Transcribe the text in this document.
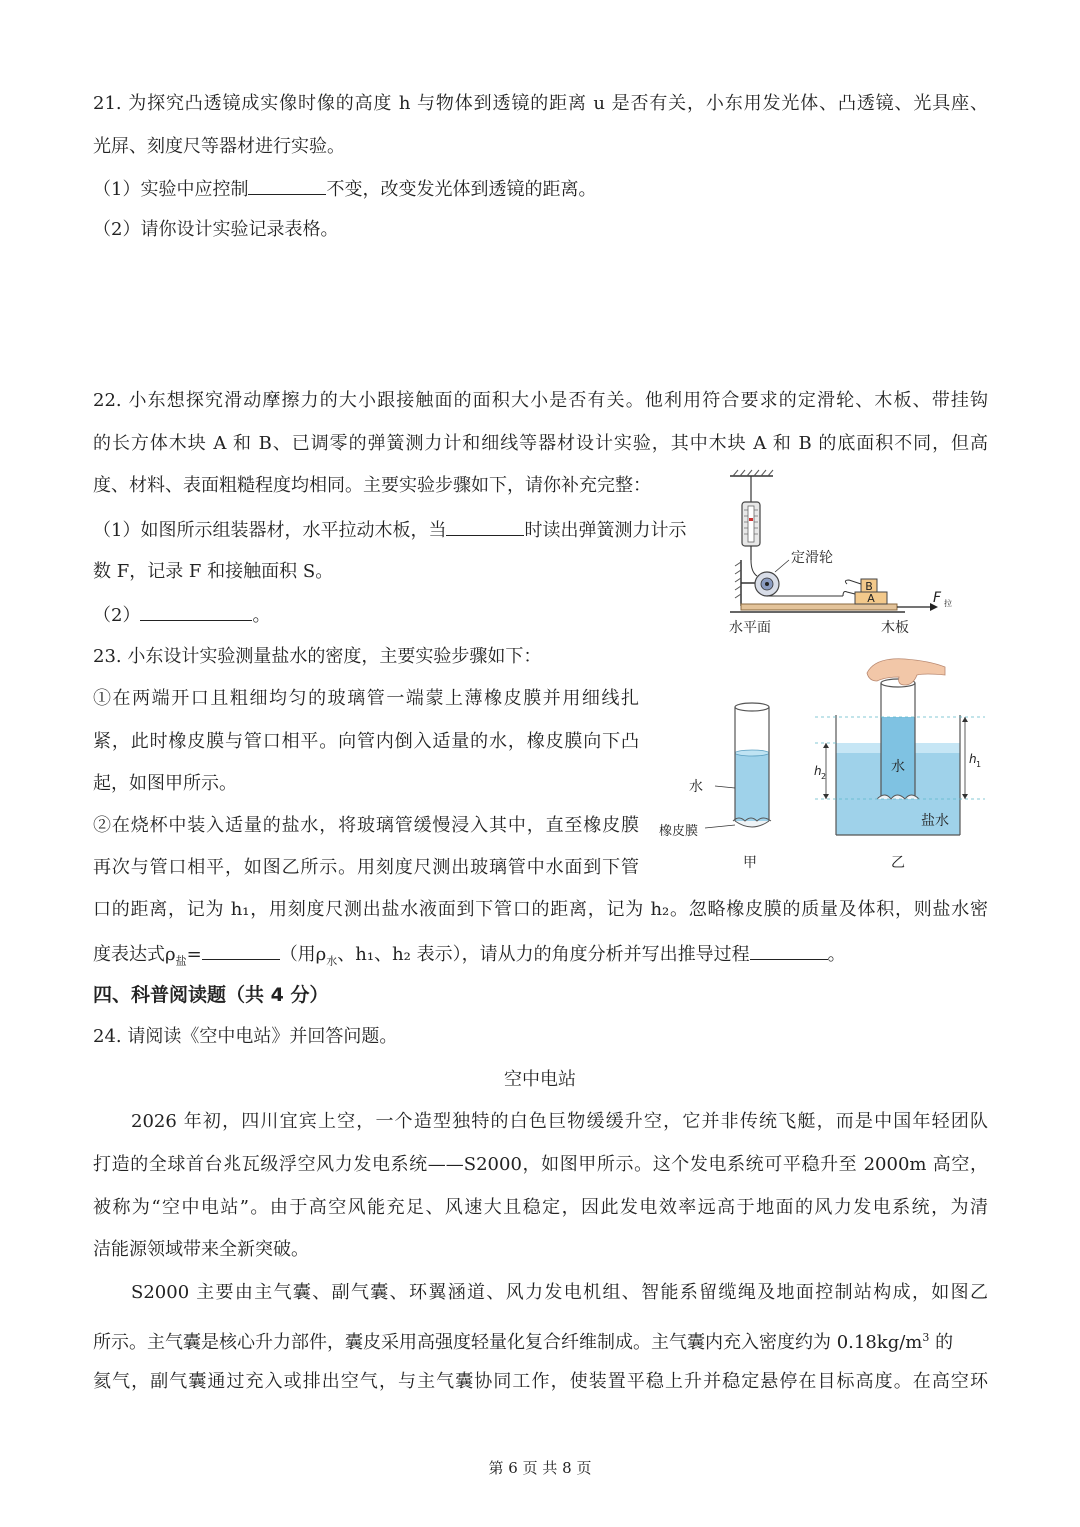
21. 为探究凸透镜成实像时像的高度 h 与物体到透镜的距离 u 是否有关，小东用发光体、凸透镜、光具座、
光屏、刻度尺等器材进行实验。
（1）实验中应控制	不变，改变发光体到透镜的距离。
（2）请你设计实验记录表格。
22. 小东想探究滑动摩擦力的大小跟接触面的面积大小是否有关。他利用符合要求的定滑轮、木板、带挂钩
的长方体木块 A 和 B、已调零的弹簧测力计和细线等器材设计实验，其中木块 A 和 B 的底面积不同，但高
度、材料、表面粗糙程度均相同。主要实验步骤如下，请你补充完整：
（1）如图所示组装器材，水平拉动木板，当	时读出弹簧测力计示
数 F，记录 F 和接触面积 S。
（2）	。
定滑轮
A
B
F 拉
水平面	木板
23. 小东设计实验测量盐水的密度，主要实验步骤如下：
①在两端开口且粗细均匀的玻璃管一端蒙上薄橡皮膜并用细线扎
紧，此时橡皮膜与管口相平。向管内倒入适量的水，橡皮膜向下凸
起，如图甲所示。
②在烧杯中装入适量的盐水，将玻璃管缓慢浸入其中，直至橡皮膜
再次与管口相平，如图乙所示。用刻度尺测出玻璃管中水面到下管
口的距离，记为 h₁，用刻度尺测出盐水液面到下管口的距离，记为 h₂。忽略橡皮膜的质量及体积，则盐水密
度表达式$\rho_盐=$	（用$\rho_水$、h₁、h₂ 表示），请从力的角度分析并写出推导过程	。
水
橡皮膜
甲
h 2
h 1
水
盐水
乙
四、科普阅读题（共 4 分）
24. 请阅读《空中电站》并回答问题。
空中电站
2026 年初，四川宜宾上空，一个造型独特的白色巨物缓缓升空，它并非传统飞艇，而是中国年轻团队
打造的全球首台兆瓦级浮空风力发电系统——S2000，如图甲所示。这个发电系统可平稳升至 2000m 高空，
被称为“空中电站”。由于高空风能充足、风速大且稳定，因此发电效率远高于地面的风力发电系统，为清
洁能源领域带来全新突破。
S2000 主要由主气囊、副气囊、环翼涵道、风力发电机组、智能系留缆绳及地面控制站构成，如图乙
所示。主气囊是核心升力部件，囊皮采用高强度轻量化复合纤维制成。主气囊内充入密度约为 $0.18kg/m^3$ 的
氦气，副气囊通过充入或排出空气，与主气囊协同工作，使装置平稳上升并稳定悬停在目标高度。在高空环
第 6 页 共 8 页
